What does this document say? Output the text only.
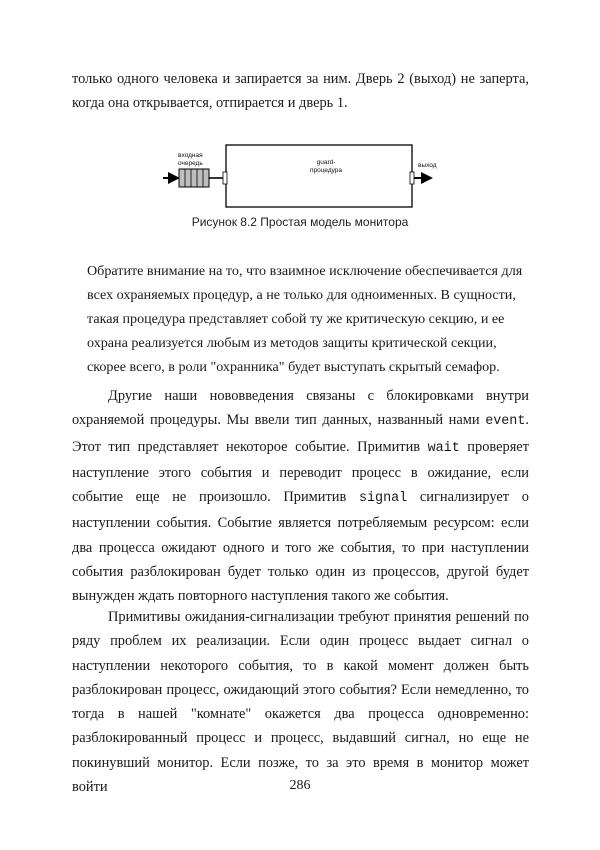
только одного человека и запирается за ним. Дверь 2 (выход) не заперта, когда она открывается, отпирается и дверь 1.

входная
очередь	guard-
процедура
выход
Рисунок 8.2 Простая модель монитора
Обратите внимание на то, что взаимное исключение обеспечивается для
всех охраняемых процедур, а не только для одноименных. В сущности,
такая процедура представляет собой ту же критическую секцию, и ее
охрана реализуется любым из методов защиты критической секции,
скорее всего, в роли "охранника" будет выступать скрытый семафор.

Другие наши нововведения связаны с блокировками внутри охраняемой процедуры. Мы ввели тип данных, названный нами event. Этот тип представляет некоторое событие. Примитив wait проверяет наступление этого события и переводит процесс в ожидание, если событие еще не произошло. Примитив signal сигнализирует о наступлении события. Событие является потребляемым ресурсом: если два процесса ожидают одного и того же события, то при наступлении события разблокирован будет только один из процессов, другой будет вынужден ждать повторного наступления такого же события.

Примитивы ожидания-сигнализации требуют принятия решений по ряду проблем их реализации. Если один процесс выдает сигнал о наступлении некоторого события, то в какой момент должен быть разблокирован процесс, ожидающий этого события? Если немедленно, то тогда в нашей "комнате" окажется два процесса одновременно: разблокированный процесс и процесс, выдавший сигнал, но еще не покинувший монитор. Если позже, то за это время в монитор может войти	286
